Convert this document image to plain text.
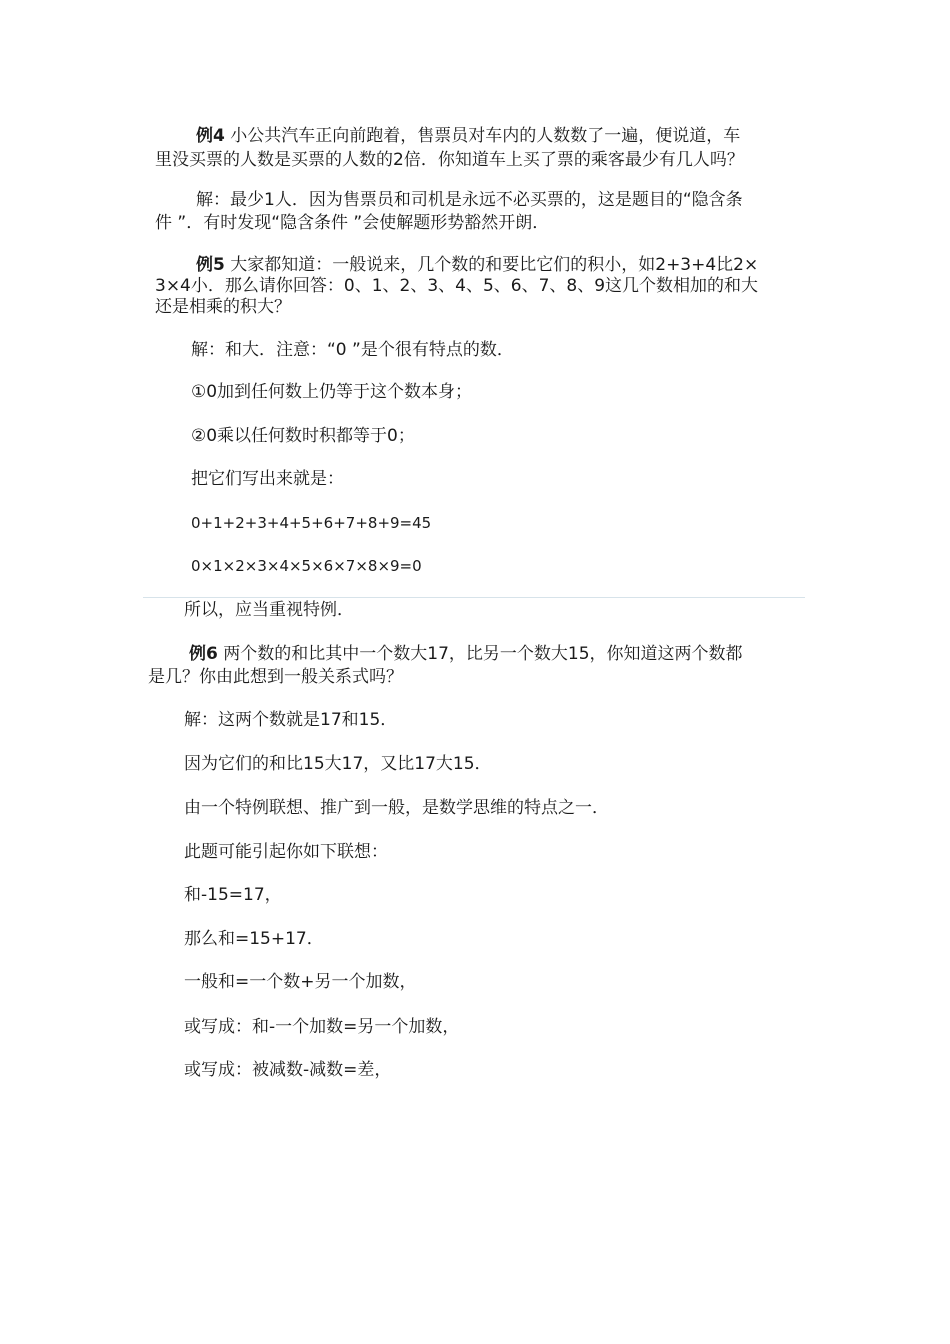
例4 小公共汽车正向前跑着，售票员对车内的人数数了一遍，便说道，车
里没买票的人数是买票的人数的2倍．你知道车上买了票的乘客最少有几人吗？
解：最少1人．因为售票员和司机是永远不必买票的，这是题目的“隐含条
件 ”．有时发现“隐含条件 ”会使解题形势豁然开朗．
例5 大家都知道：一般说来，几个数的和要比它们的积小，如2+3+4比2×
3×4小．那么请你回答：0、1、2、3、4、5、6、7、8、9这几个数相加的和大
还是相乘的积大？
解：和大．注意：“0 ”是个很有特点的数．
①0加到任何数上仍等于这个数本身；
②0乘以任何数时积都等于0；
把它们写出来就是：
0+1+2+3+4+5+6+7+8+9=45
0×1×2×3×4×5×6×7×8×9=0
所以，应当重视特例．
例6 两个数的和比其中一个数大17，比另一个数大15，你知道这两个数都
是几？你由此想到一般关系式吗？
解：这两个数就是17和15．
因为它们的和比15大17，又比17大15．
由一个特例联想、推广到一般，是数学思维的特点之一．
此题可能引起你如下联想：
和-15=17，
那么和=15+17．
一般和=一个数+另一个加数，
或写成：和-一个加数=另一个加数，
或写成：被减数-减数=差，
